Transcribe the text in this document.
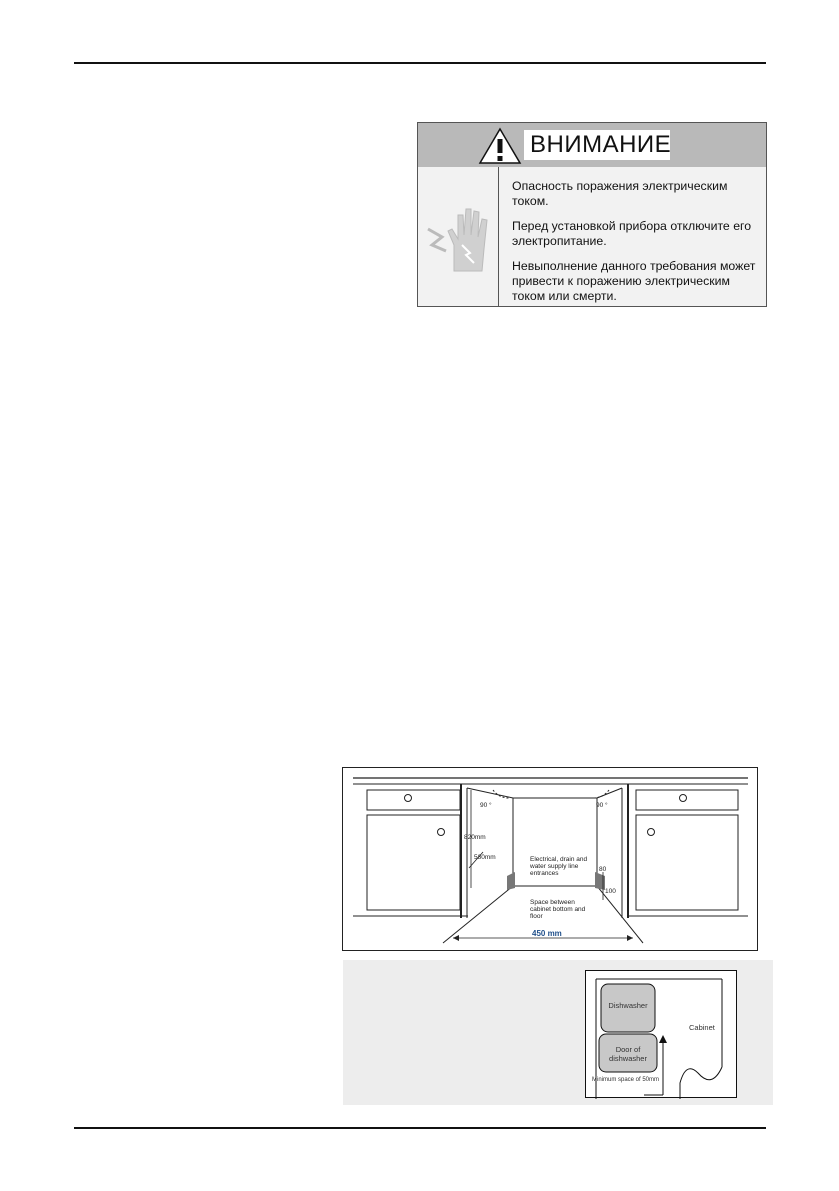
ВНИМАНИЕ

Опасность поражения электрическим током.

Перед установкой прибора отключите его электропитание.

Невыполнение данного требования может привести к поражению электрическим током или смерти.

90 °	90 °
820mm
580mm	Electrical, drain and water supply line entrances
80
100
Space between cabinet bottom and floor
450 mm
Dishwasher
Door of dishwasher
Cabinet
Minimum space of 50mm
